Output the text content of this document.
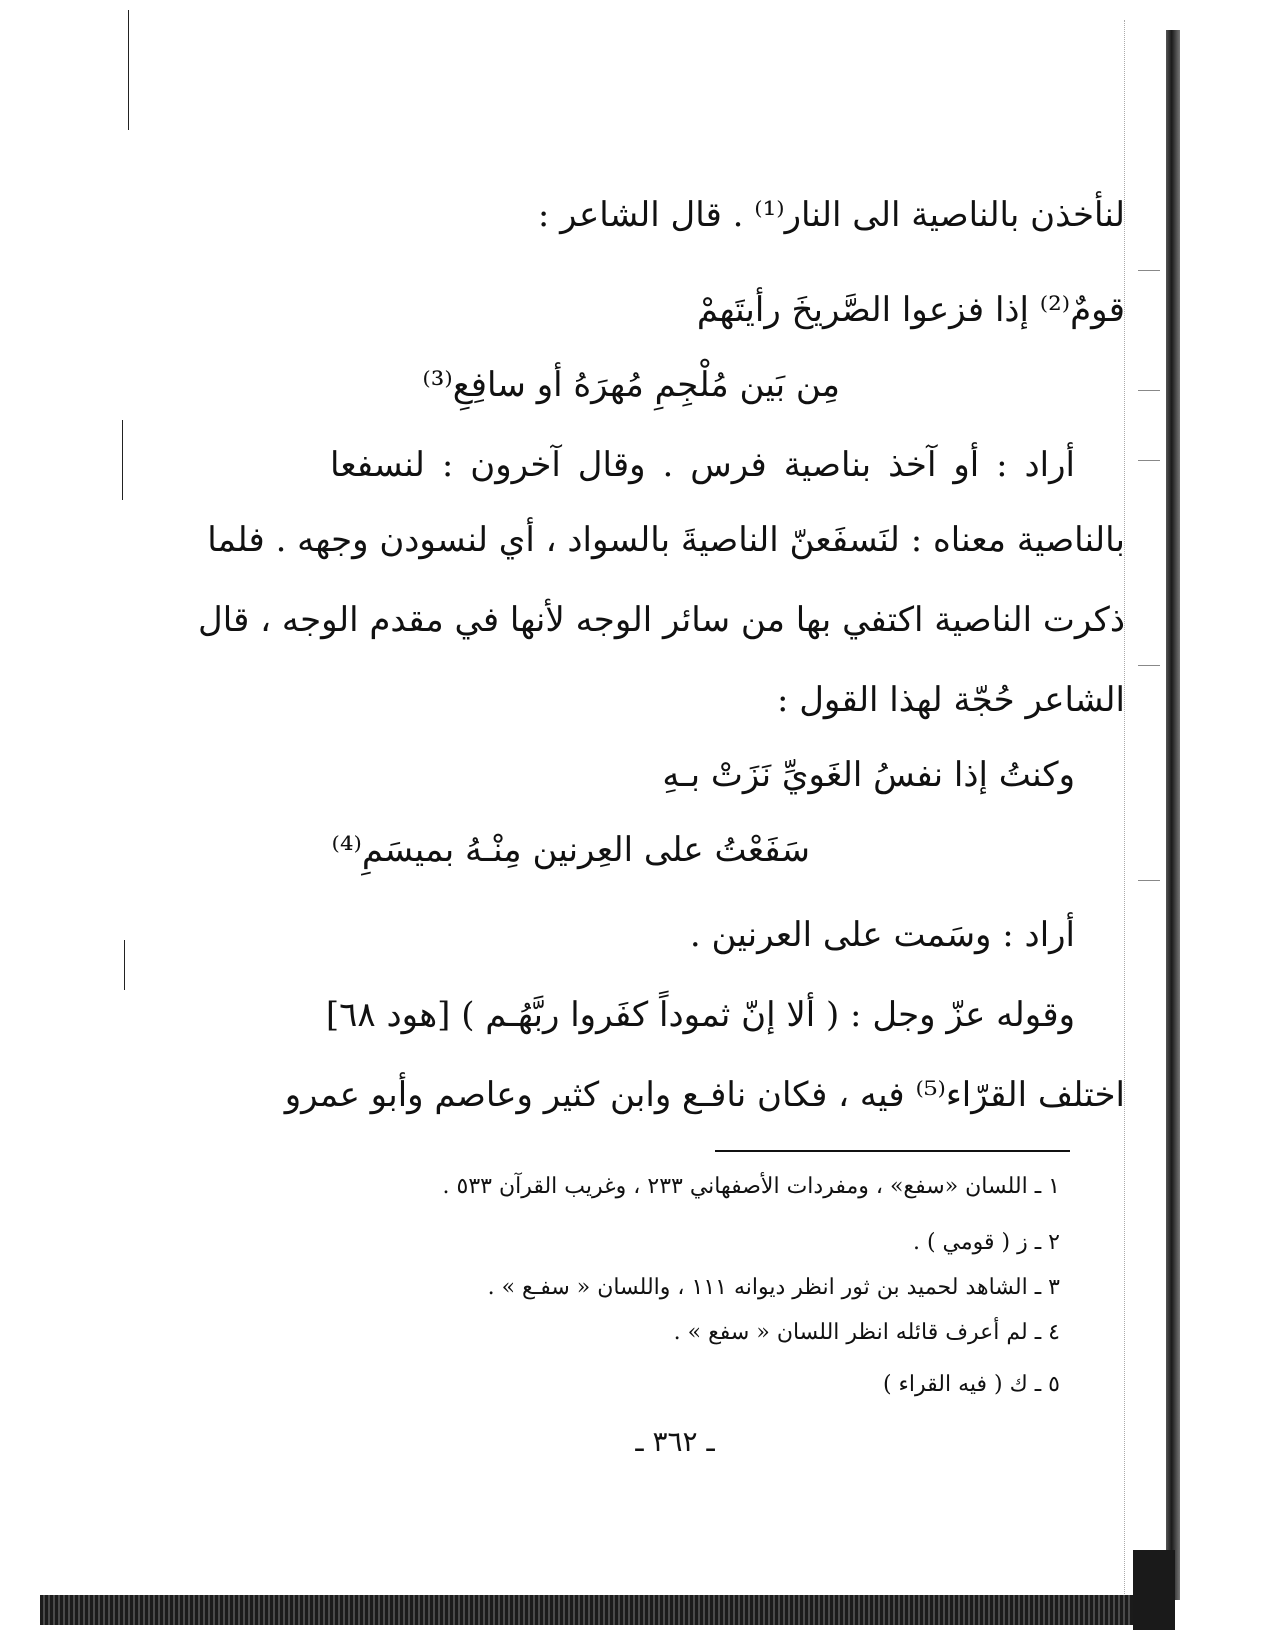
لنأخذن بالناصية الى النار⁽¹⁾ . قال الشاعر :
قومٌ⁽²⁾ إذا فزعوا الصَّريخَ رأيتَهمْ
مِن بَين مُلْجِمِ مُهرَهُ أو سافِعِ⁽³⁾
أراد : أو آخذ بناصية فرس . وقال آخرون : لنسفعا
بالناصية معناه : لنَسفَعنّ الناصيةَ بالسواد ، أي لنسودن وجهه . فلما
ذكرت الناصية اكتفي بها من سائر الوجه لأنها في مقدم الوجه ، قال
الشاعر حُجّة لهذا القول :
وكنتُ إذا نفسُ الغَويِّ نَزَتْ بـهِ
سَفَعْتُ على العِرنين مِنْـهُ بميسَمِ⁽⁴⁾
أراد : وسَمت على العرنين .
وقوله عزّ وجل : ( ألا إنّ ثموداً كفَروا ربَّهُـم ) [هود ٦٨]
اختلف القرّاء⁽⁵⁾ فيه ، فكان نافـع وابن كثير وعاصم وأبو عمرو
١ ـ اللسان «سفع» ، ومفردات الأصفهاني ٢٣٣ ، وغريب القرآن ٥٣٣ .
٢ ـ ز ( قومي ) .
٣ ـ الشاهد لحميد بن ثور انظر ديوانه ١١١ ، واللسان « سفـع » .
٤ ـ لم أعرف قائله انظر اللسان « سفع » .
٥ ـ ك ( فيه القراء )
ـ ٣٦٢ ـ
